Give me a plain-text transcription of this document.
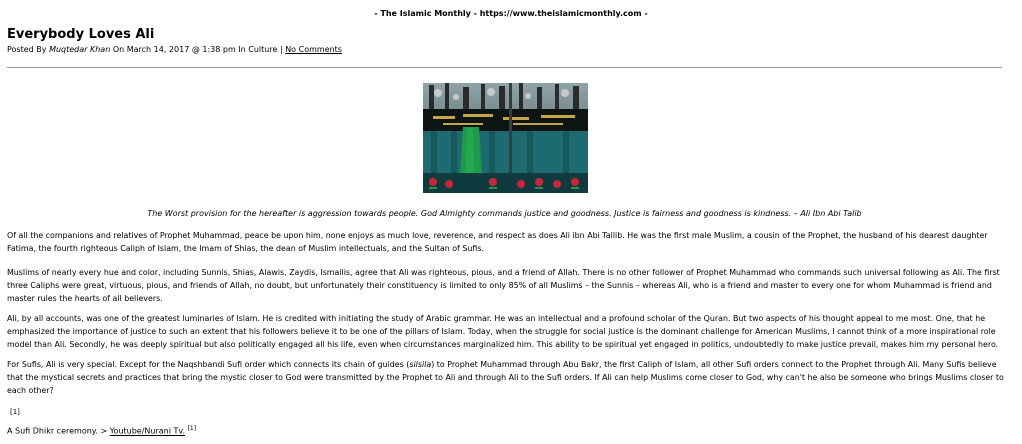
- The Islamic Monthly - https://www.theislamicmonthly.com -
Everybody Loves Ali
Posted By Muqtedar Khan On March 14, 2017 @ 1:38 pm In Culture | No Comments
The Worst provision for the hereafter is aggression towards people. God Almighty commands justice and goodness. Justice is fairness and goodness is kindness. – Ali Ibn Abi Talib

Of all the companions and relatives of Prophet Muhammad, peace be upon him, none enjoys as much love, reverence, and respect as does Ali ibn Abi Tallib. He was the first male Muslim, a cousin of the Prophet, the husband of his dearest daughter Fatima, the fourth righteous Caliph of Islam, the Imam of Shias, the dean of Muslim intellectuals, and the Sultan of Sufis.

Muslims of nearly every hue and color, including Sunnis, Shias, Alawis, Zaydis, Ismailis, agree that Ali was righteous, pious, and a friend of Allah. There is no other follower of Prophet Muhammad who commands such universal following as Ali. The first three Caliphs were great, virtuous, pious, and friends of Allah, no doubt, but unfortunately their constituency is limited to only 85% of all Muslims – the Sunnis – whereas Ali, who is a friend and master to every one for whom Muhammad is friend and master rules the hearts of all believers.

Ali, by all accounts, was one of the greatest luminaries of Islam. He is credited with initiating the study of Arabic grammar. He was an intellectual and a profound scholar of the Quran. But two aspects of his thought appeal to me most. One, that he emphasized the importance of justice to such an extent that his followers believe it to be one of the pillars of Islam. Today, when the struggle for social justice is the dominant challenge for American Muslims, I cannot think of a more inspirational role model than Ali. Secondly, he was deeply spiritual but also politically engaged all his life, even when circumstances marginalized him. This ability to be spiritual yet engaged in politics, undoubtedly to make justice prevail, makes him my personal hero.

For Sufis, Ali is very special. Except for the Naqshbandi Sufi order which connects its chain of guides (silsila) to Prophet Muhammad through Abu Bakr, the first Caliph of Islam, all other Sufi orders connect to the Prophet through Ali. Many Sufis believe that the mystical secrets and practices that bring the mystic closer to God were transmitted by the Prophet to Ali and through Ali to the Sufi orders. If Ali can help Muslims come closer to God, why can't he also be someone who brings Muslims closer to each other?

[1]
A Sufi Dhikr ceremony. > Youtube/Nurani Tv. [1]
